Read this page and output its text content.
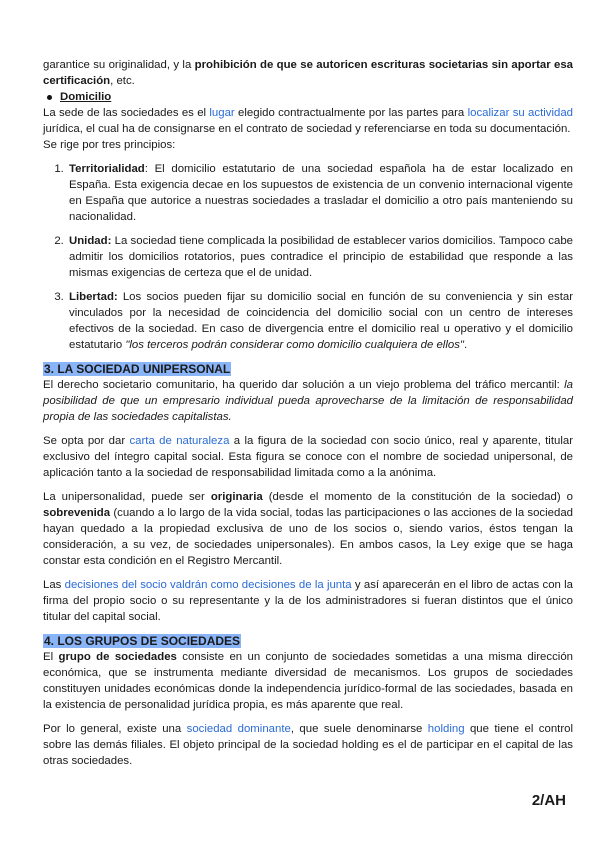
garantice su originalidad, y la prohibición de que se autoricen escrituras societarias sin aportar esa certificación, etc.

Domicilio

La sede de las sociedades es el lugar elegido contractualmente por las partes para localizar su actividad jurídica, el cual ha de consignarse en el contrato de sociedad y referenciarse en toda su documentación.

Se rige por tres principios:

1. Territorialidad: El domicilio estatutario de una sociedad española ha de estar localizado en España. Esta exigencia decae en los supuestos de existencia de un convenio internacional vigente en España que autorice a nuestras sociedades a trasladar el domicilio a otro país manteniendo su nacionalidad.
2. Unidad: La sociedad tiene complicada la posibilidad de establecer varios domicilios. Tampoco cabe admitir los domicilios rotatorios, pues contradice el principio de estabilidad que responde a las mismas exigencias de certeza que el de unidad.
3. Libertad: Los socios pueden fijar su domicilio social en función de su conveniencia y sin estar vinculados por la necesidad de coincidencia del domicilio social con un centro de intereses efectivos de la sociedad. En caso de divergencia entre el domicilio real u operativo y el domicilio estatutario "los terceros podrán considerar como domicilio cualquiera de ellos".
3. LA SOCIEDAD UNIPERSONAL

El derecho societario comunitario, ha querido dar solución a un viejo problema del tráfico mercantil: la posibilidad de que un empresario individual pueda aprovecharse de la limitación de responsabilidad propia de las sociedades capitalistas.

Se opta por dar carta de naturaleza a la figura de la sociedad con socio único, real y aparente, titular exclusivo del íntegro capital social. Esta figura se conoce con el nombre de sociedad unipersonal, de aplicación tanto a la sociedad de responsabilidad limitada como a la anónima.

La unipersonalidad, puede ser originaria (desde el momento de la constitución de la sociedad) o sobrevenida (cuando a lo largo de la vida social, todas las participaciones o las acciones de la sociedad hayan quedado a la propiedad exclusiva de uno de los socios o, siendo varios, éstos tengan la consideración, a su vez, de sociedades unipersonales). En ambos casos, la Ley exige que se haga constar esta condición en el Registro Mercantil.

Las decisiones del socio valdrán como decisiones de la junta y así aparecerán en el libro de actas con la firma del propio socio o su representante y la de los administradores si fueran distintos que el único titular del capital social.

4. LOS GRUPOS DE SOCIEDADES

El grupo de sociedades consiste en un conjunto de sociedades sometidas a una misma dirección económica, que se instrumenta mediante diversidad de mecanismos. Los grupos de sociedades constituyen unidades económicas donde la independencia jurídico-formal de las sociedades, basada en la existencia de personalidad jurídica propia, es más aparente que real.

Por lo general, existe una sociedad dominante, que suele denominarse holding que tiene el control sobre las demás filiales. El objeto principal de la sociedad holding es el de participar en el capital de las otras sociedades.

2/AH
